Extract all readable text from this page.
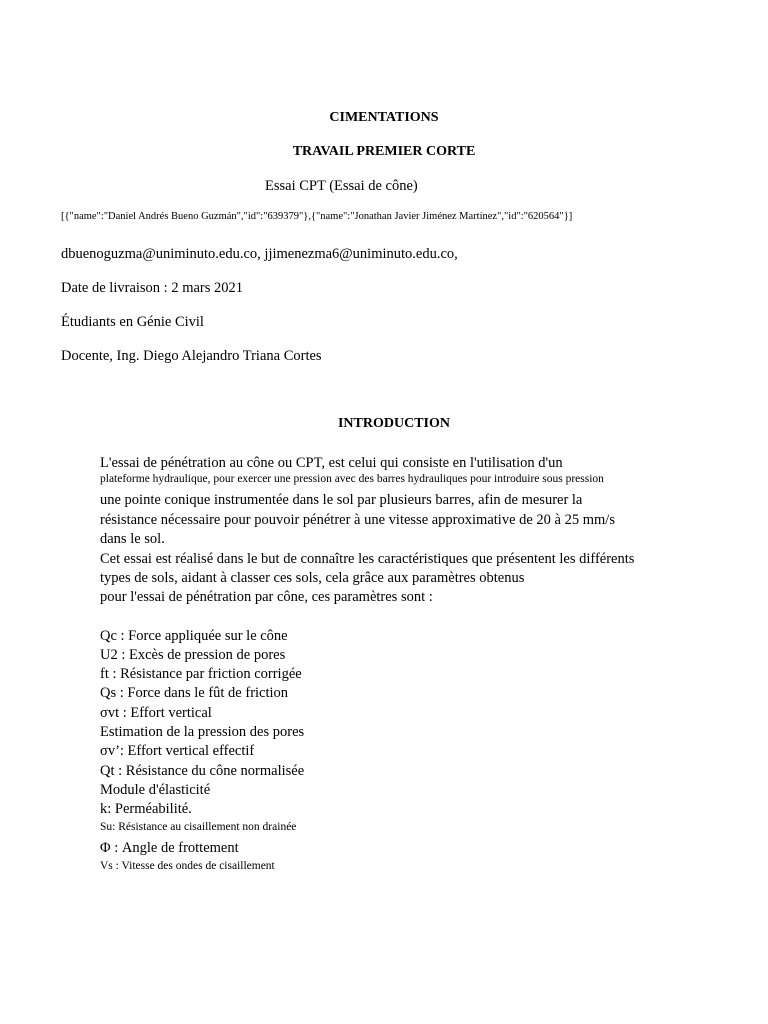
CIMENTATIONS
TRAVAIL PREMIER CORTE
Essai CPT (Essai de cône)
[{"name":"Daniel Andrés Bueno Guzmán","id":"639379"},{"name":"Jonathan Javier Jiménez Martínez","id":"620564"}]
dbuenoguzma@uniminuto.edu.co, jjimenezma6@uniminuto.edu.co,
Date de livraison : 2 mars 2021
Étudiants en Génie Civil
Docente, Ing. Diego Alejandro Triana Cortes
INTRODUCTION
L'essai de pénétration au cône ou CPT, est celui qui consiste en l'utilisation d'un
plateforme hydraulique, pour exercer une pression avec des barres hydrauliques pour introduire sous pression
une pointe conique instrumentée dans le sol par plusieurs barres, afin de mesurer la
résistance nécessaire pour pouvoir pénétrer à une vitesse approximative de 20 à 25 mm/s
dans le sol.
Cet essai est réalisé dans le but de connaître les caractéristiques que présentent les différents
types de sols, aidant à classer ces sols, cela grâce aux paramètres obtenus
pour l'essai de pénétration par cône, ces paramètres sont :
Qc : Force appliquée sur le cône
U2 : Excès de pression de pores
ft : Résistance par friction corrigée
Qs : Force dans le fût de friction
σvt : Effort vertical
Estimation de la pression des pores
σv’: Effort vertical effectif
Qt : Résistance du cône normalisée
Module d'élasticité
k: Perméabilité.
Su: Résistance au cisaillement non drainée
Φ : Angle de frottement
Vs : Vitesse des ondes de cisaillement
